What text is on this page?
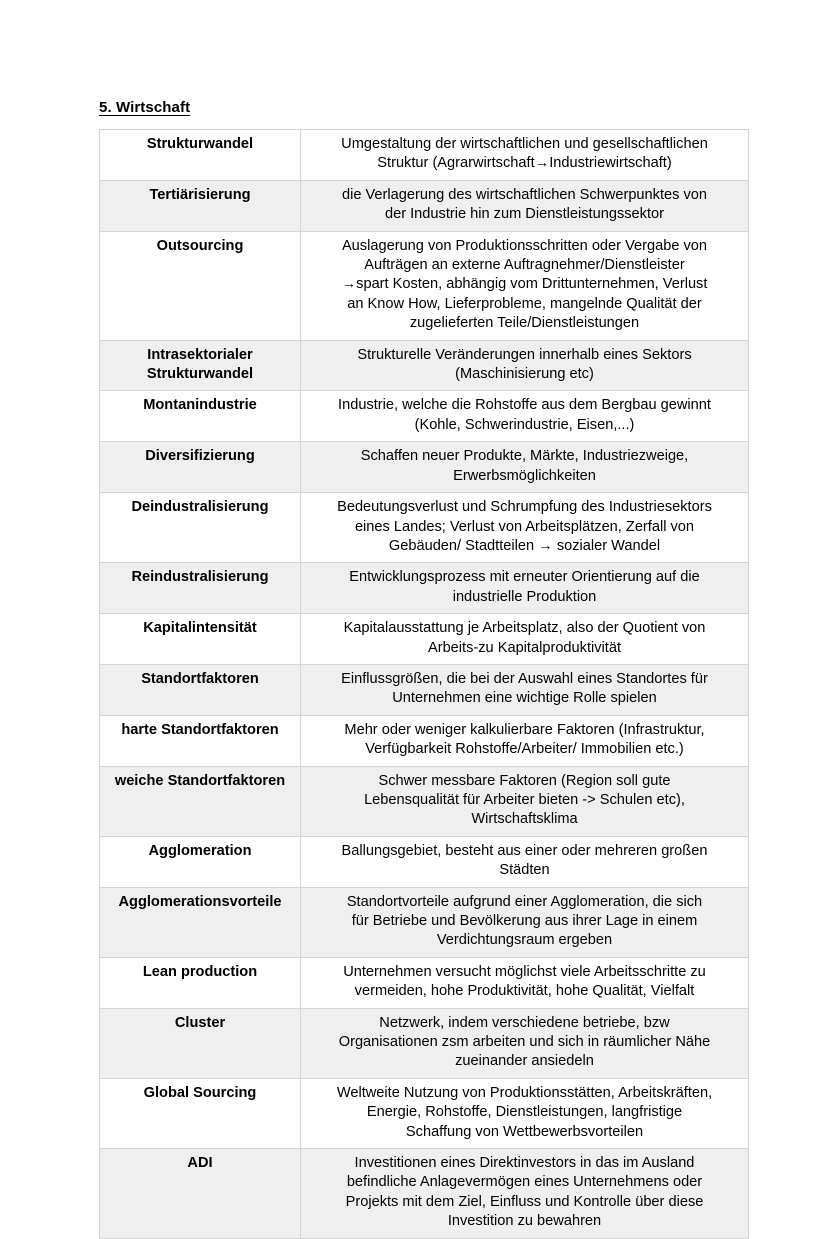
5. Wirtschaft
Strukturwandel	Umgestaltung der wirtschaftlichen und gesellschaftlichen
Struktur (Agrarwirtschaft→Industriewirtschaft)

Tertiärisierung	die Verlagerung des wirtschaftlichen Schwerpunktes von
der Industrie hin zum Dienstleistungssektor

Outsourcing	Auslagerung von Produktionsschritten oder Vergabe von
Aufträgen an externe Auftragnehmer/Dienstleister
→spart Kosten, abhängig vom Drittunternehmen, Verlust
an Know How, Lieferprobleme, mangelnde Qualität der
zugelieferten Teile/Dienstleistungen

Intrasektorialer Strukturwandel	Strukturelle Veränderungen innerhalb eines Sektors
(Maschinisierung etc)

Montanindustrie	Industrie, welche die Rohstoffe aus dem Bergbau gewinnt
(Kohle, Schwerindustrie, Eisen,...)

Diversifizierung	Schaffen neuer Produkte, Märkte, Industriezweige,
Erwerbsmöglichkeiten

Deindustralisierung	Bedeutungsverlust und Schrumpfung des Industriesektors
eines Landes; Verlust von Arbeitsplätzen, Zerfall von
Gebäuden/ Stadtteilen → sozialer Wandel

Reindustralisierung	Entwicklungsprozess mit erneuter Orientierung auf die
industrielle Produktion

Kapitalintensität	Kapitalausstattung je Arbeitsplatz, also der Quotient von
Arbeits-zu Kapitalproduktivität

Standortfaktoren	Einflussgrößen, die bei der Auswahl eines Standortes für
Unternehmen eine wichtige Rolle spielen

harte Standortfaktoren	Mehr oder weniger kalkulierbare Faktoren (Infrastruktur,
Verfügbarkeit Rohstoffe/Arbeiter/ Immobilien etc.)

weiche Standortfaktoren	Schwer messbare Faktoren (Region soll gute
Lebensqualität für Arbeiter bieten -> Schulen etc),
Wirtschaftsklima

Agglomeration	Ballungsgebiet, besteht aus einer oder mehreren großen
Städten

Agglomerationsvorteile	Standortvorteile aufgrund einer Agglomeration, die sich
für Betriebe und Bevölkerung aus ihrer Lage in einem
Verdichtungsraum ergeben

Lean production	Unternehmen versucht möglichst viele Arbeitsschritte zu
vermeiden, hohe Produktivität, hohe Qualität, Vielfalt

Cluster	Netzwerk, indem verschiedene betriebe, bzw
Organisationen zsm arbeiten und sich in räumlicher Nähe
zueinander ansiedeln

Global Sourcing	Weltweite Nutzung von Produktionsstätten, Arbeitskräften,
Energie, Rohstoffe, Dienstleistungen, langfristige
Schaffung von Wettbewerbsvorteilen

ADI	Investitionen eines Direktinvestors in das im Ausland
befindliche Anlagevermögen eines Unternehmens oder
Projekts mit dem Ziel, Einfluss und Kontrolle über diese
Investition zu bewahren
